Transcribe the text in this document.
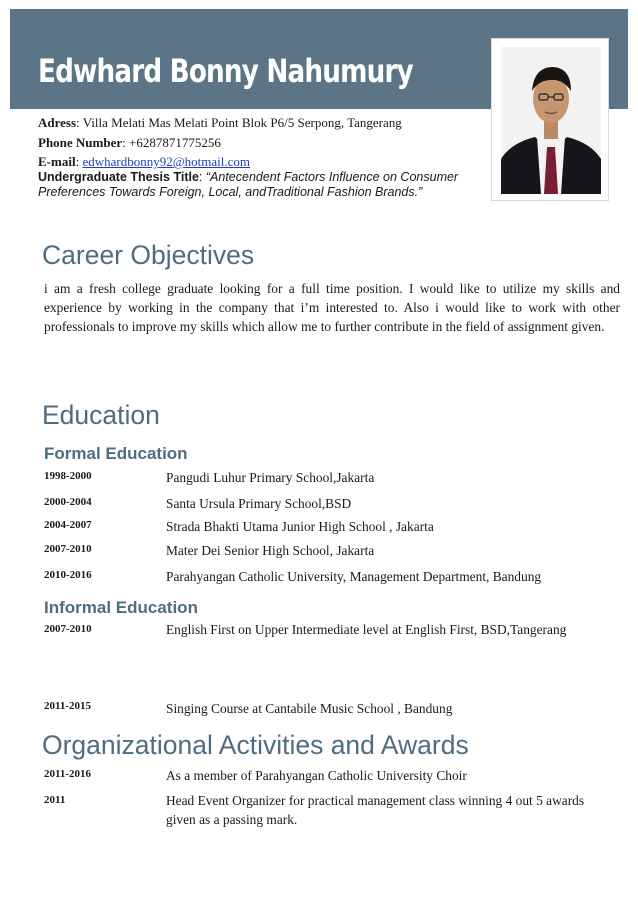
Edwhard Bonny Nahumury
Adress: Villa Melati Mas Melati Point Blok P6/5 Serpong, Tangerang
Phone Number: +6287871775256
E-mail: edwhardbonny92@hotmail.com
Undergraduate Thesis Title: “Antecendent Factors Influence on Consumer Preferences Towards Foreign, Local, andTraditional Fashion Brands.”
Career Objectives

i am a fresh college graduate looking for a full time position. I would like to utilize my skills and experience by working in the company that i’m interested to. Also i would like to work with other professionals to improve my skills which allow me to further contribute in the field of assignment given.

Education
Formal Education
1998-2000	Pangudi Luhur Primary School,Jakarta
2000-2004	Santa Ursula Primary School,BSD
2004-2007	Strada Bhakti Utama Junior High School , Jakarta
2007-2010	Mater Dei Senior High School, Jakarta
2010-2016	Parahyangan Catholic University, Management Department, Bandung
Informal Education
2007-2010	English First on Upper Intermediate level at English First, BSD,Tangerang
2011-2015	Singing Course at Cantabile Music School , Bandung
Organizational Activities and Awards
2011-2016	As a member of Parahyangan Catholic University Choir
2011	Head Event Organizer for practical management class winning 4 out 5 awards given as a passing mark.
